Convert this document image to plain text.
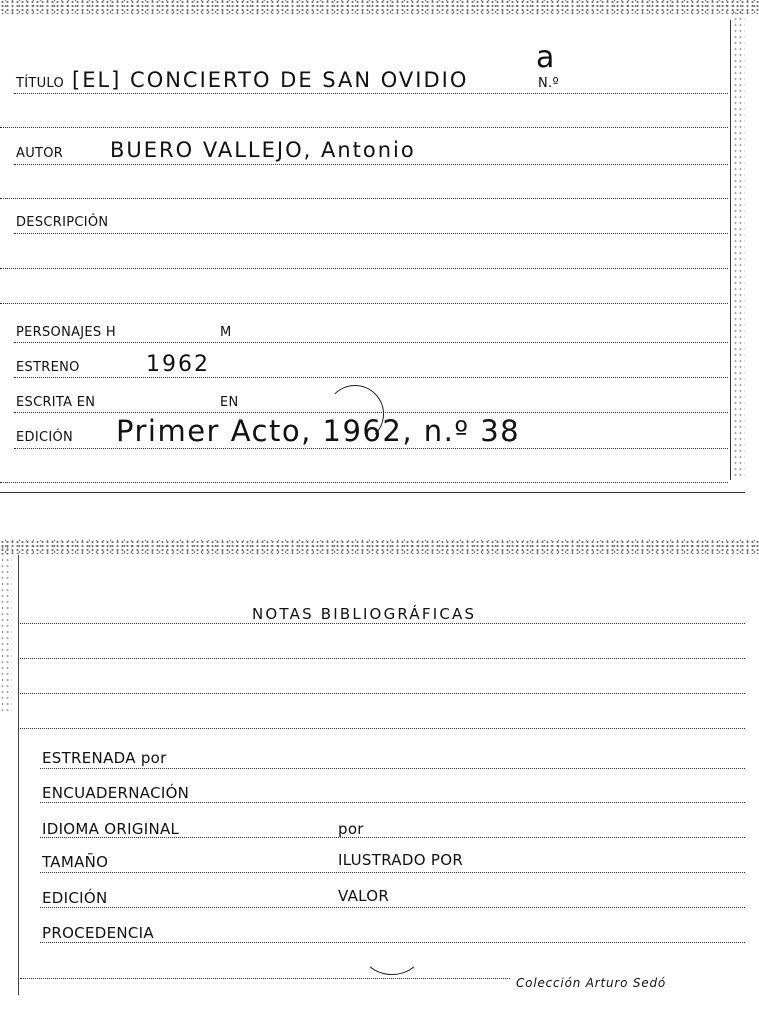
TÍTULO [EL] CONCIERTO DE SAN OVIDIO
a
N.º
AUTOR BUERO VALLEJO, Antonio
DESCRIPCIÓN
PERSONAJES H	M
ESTRENO	1962
ESCRITA EN	EN
EDICIÓN Primer Acto, 1962, n.º 38
NOTAS BIBLIOGRÁFICAS
ESTRENADA por
ENCUADERNACIÓN
IDIOMA ORIGINAL	por
TAMAÑO	ILUSTRADO POR
EDICIÓN	VALOR
PROCEDENCIA
Colección Arturo Sedó
